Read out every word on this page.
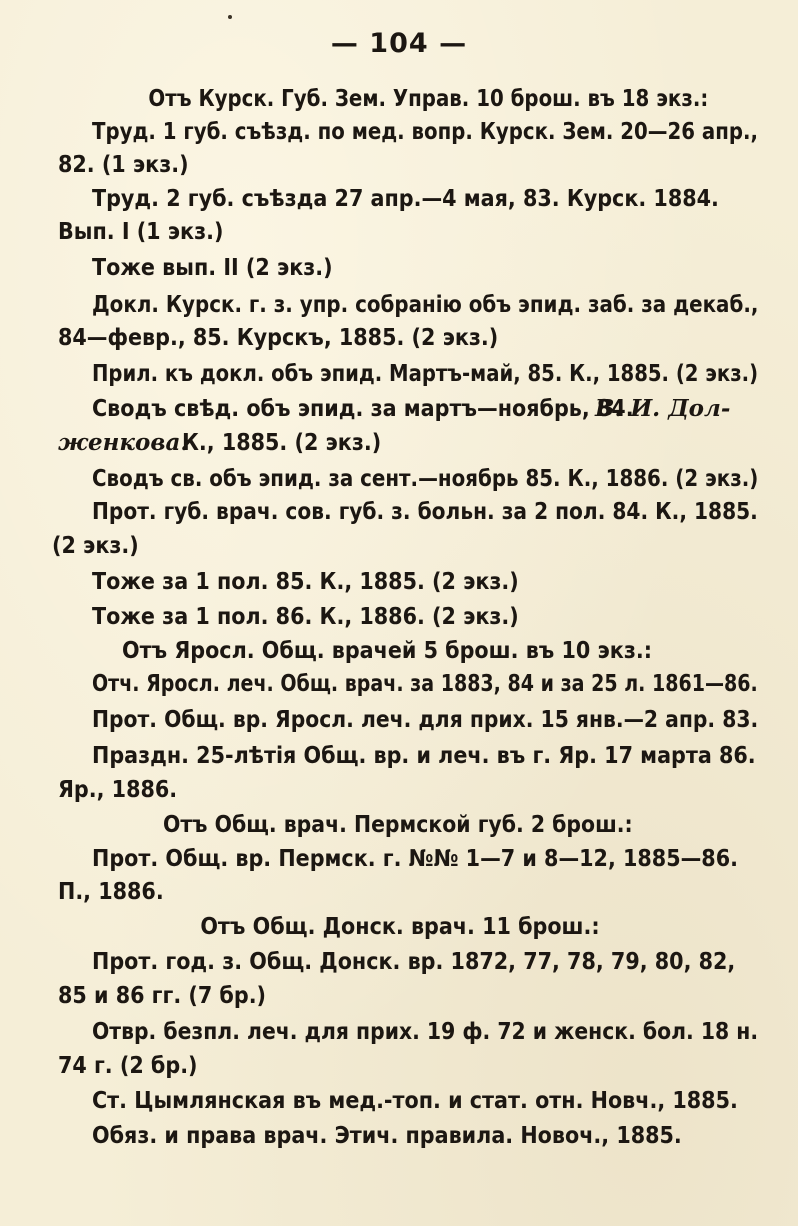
— 104 —
Отъ Курск. Губ. Зем. Управ. 10 брош. въ 18 экз.:
Труд. 1 губ. съѣзд. по мед. вопр. Курск. Зем. 20—26 апр.,
82. (1 экз.)
Труд. 2 губ. съѣзда 27 апр.—4 мая, 83. Курск. 1884.
Вып. I (1 экз.)
Тоже вып. II (2 экз.)
Докл. Курск. г. з. упр. собранію объ эпид. заб. за декаб.,
84—февр., 85. Курскъ, 1885. (2 экз.)
Прил. къ докл. объ эпид. Мартъ-май, 85. К., 1885. (2 экз.)
Сводъ свѣд. объ эпид. за мартъ—ноябрь, 84.
В. И. Дол-
женкова.
К., 1885. (2 экз.)
Сводъ св. объ эпид. за сент.—ноябрь 85. К., 1886. (2 экз.)
Прот. губ. врач. сов. губ. з. больн. за 2 пол. 84. К., 1885.
(2 экз.)
Тоже за 1 пол. 85. К., 1885. (2 экз.)
Тоже за 1 пол. 86. К., 1886. (2 экз.)
Отъ Яросл. Общ. врачей 5 брош. въ 10 экз.:
Отч. Яросл. леч. Общ. врач. за 1883, 84 и за 25 л. 1861—86.
Прот. Общ. вр. Яросл. леч. для приx. 15 янв.—2 апр. 83.
Праздн. 25-лѣтія Общ. вр. и леч. въ г. Яр. 17 марта 86.
Яр., 1886.
Отъ Общ. врач. Пермской губ. 2 брош.:
Прот. Общ. вр. Пермск. г. №№ 1—7 и 8—12, 1885—86.
П., 1886.
Отъ Общ. Донск. врач. 11 брош.:
Прот. год. з. Общ. Донск. вр. 1872, 77, 78, 79, 80, 82,
85 и 86 гг. (7 бр.)
Отвр. безпл. леч. для прих. 19 ф. 72 и женск. бол. 18 н.
74 г. (2 бр.)
Ст. Цымлянская въ мед.-топ. и стат. отн. Новч., 1885.
Обяз. и права врач. Этич. правила. Новоч., 1885.
